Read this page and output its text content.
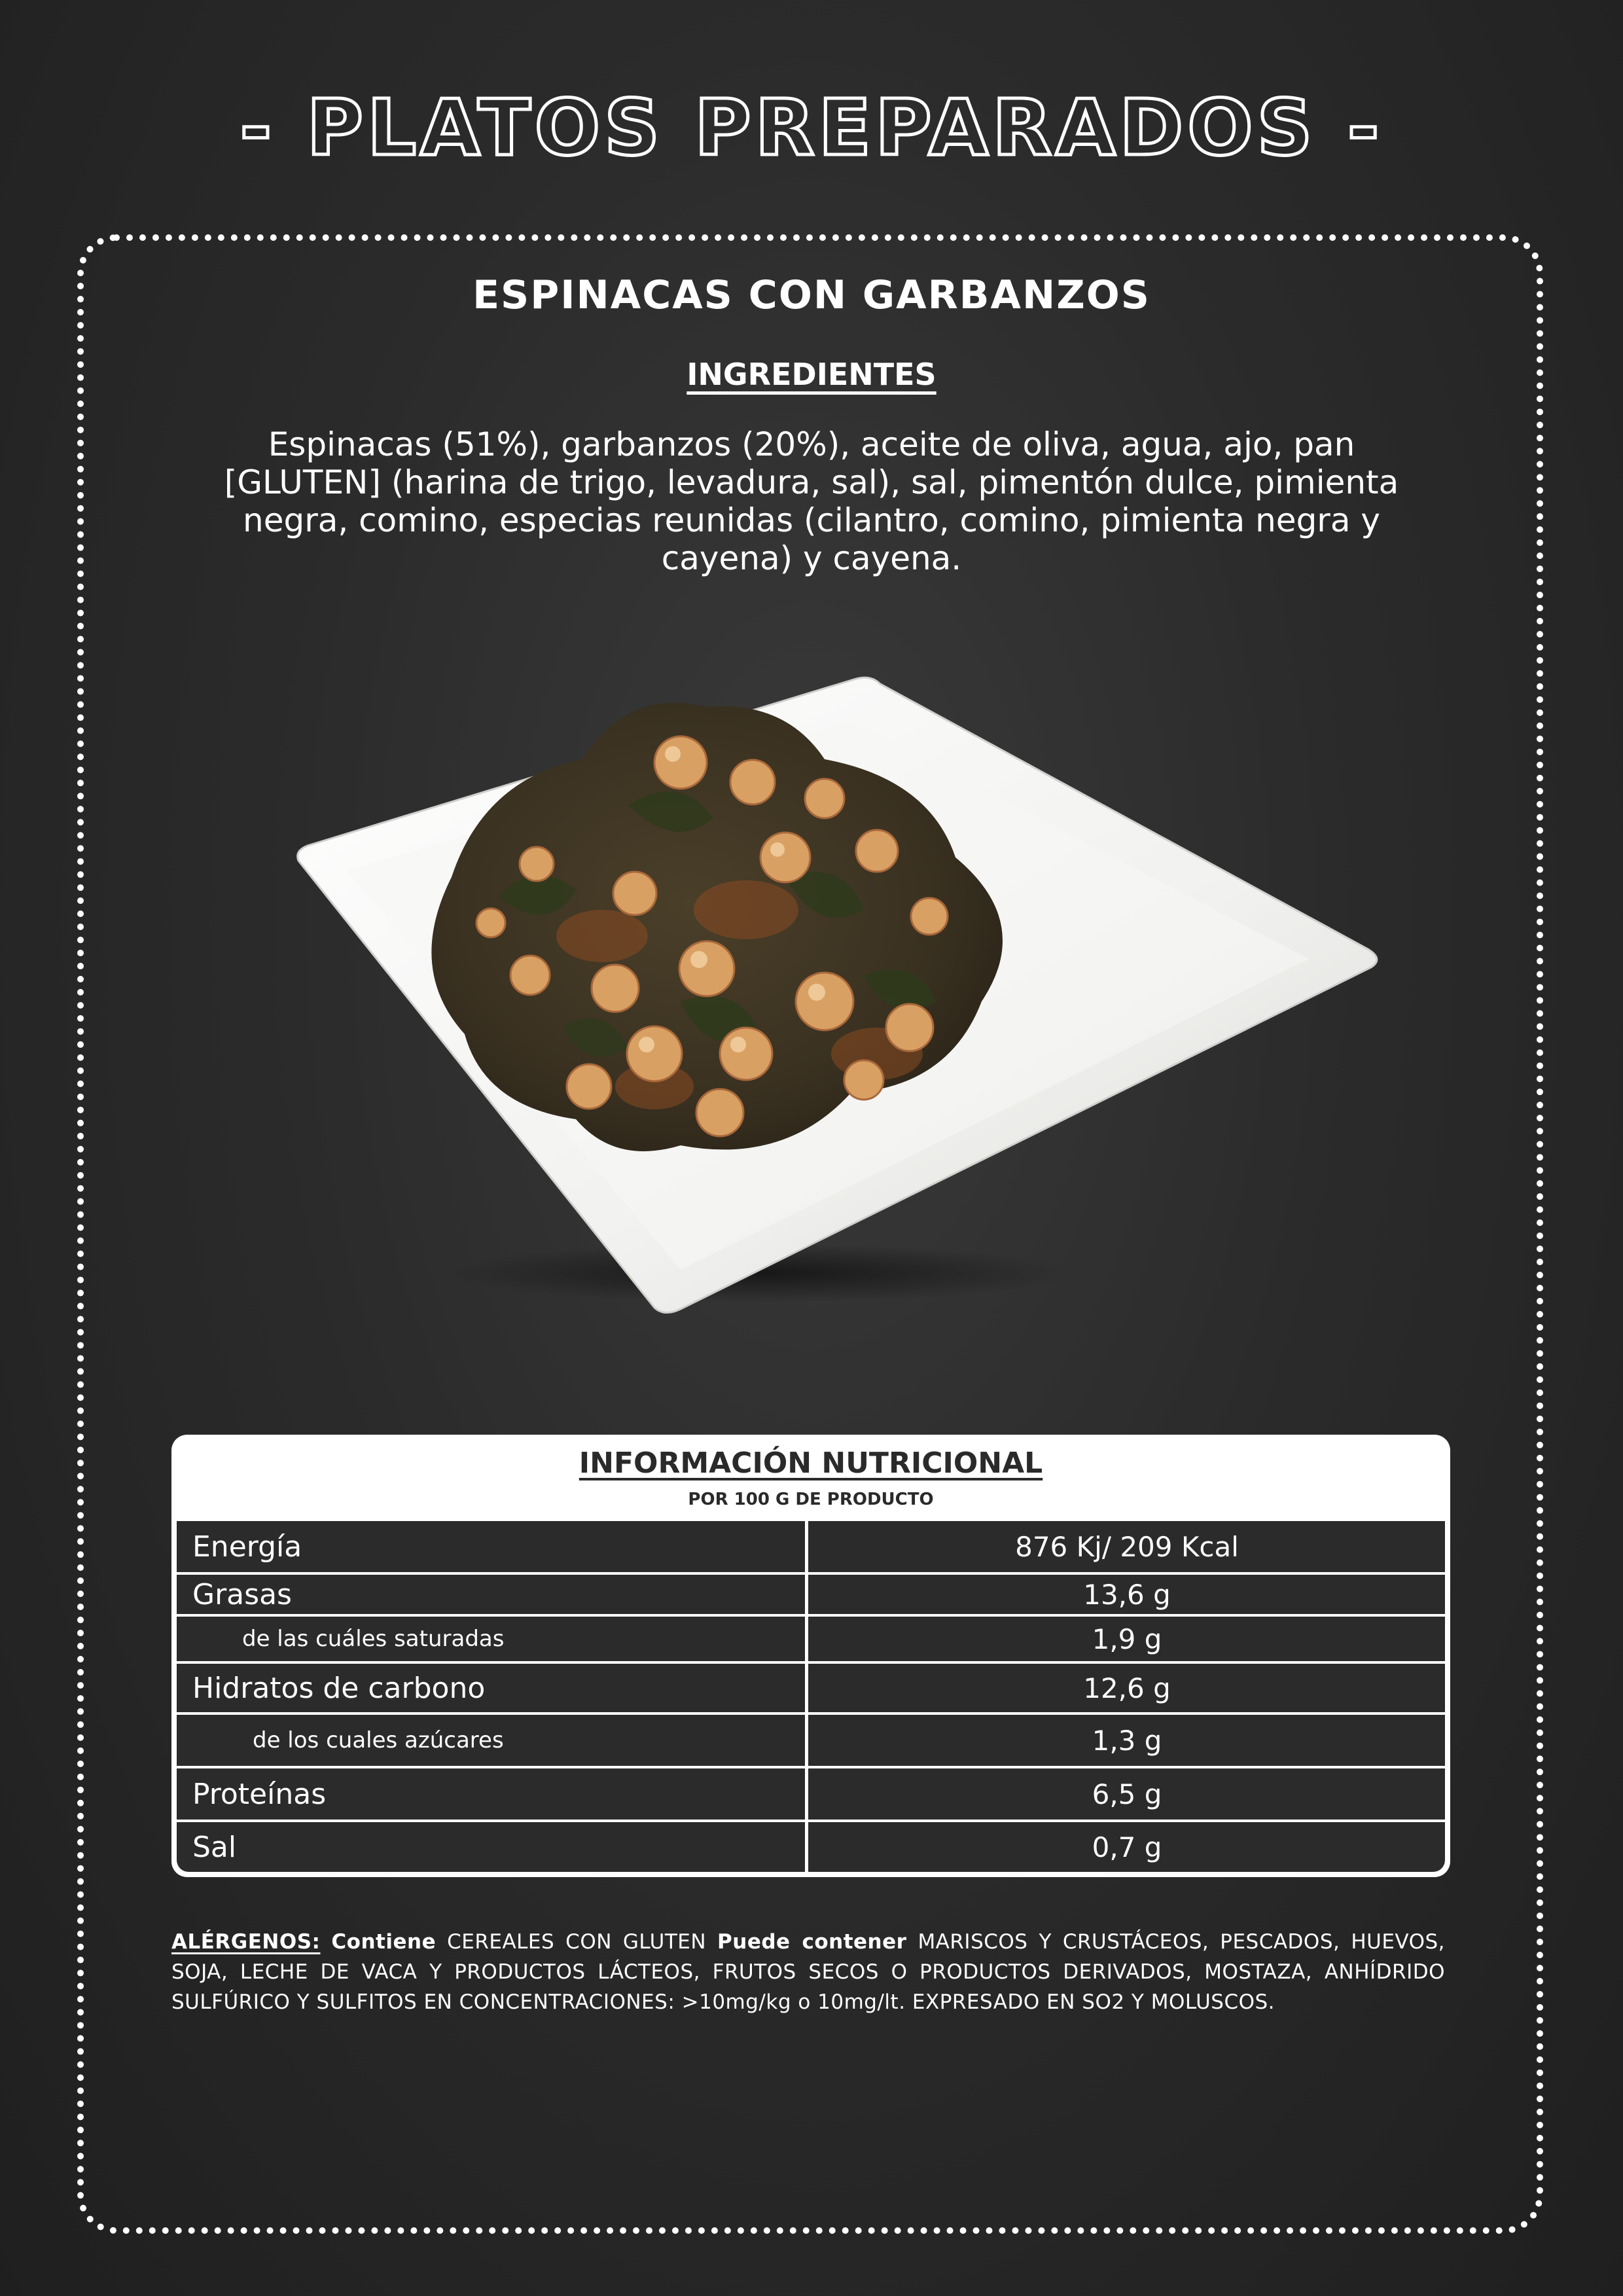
- PLATOS PREPARADOS -
ESPINACAS CON GARBANZOS
INGREDIENTES
Espinacas (51%), garbanzos (20%), aceite de oliva, agua, ajo, pan [GLUTEN] (harina de trigo, levadura, sal), sal, pimentón dulce, pimienta negra, comino, especias reunidas (cilantro, comino, pimienta negra y cayena) y cayena.
INFORMACIÓN NUTRICIONAL
POR 100 G DE PRODUCTO
Energía	876 Kj/ 209 Kcal
Grasas	13,6 g
de las cuáles saturadas	1,9 g
Hidratos de carbono	12,6 g
de los cuales azúcares	1,3 g
Proteínas	6,5 g
Sal	0,7 g
ALÉRGENOS: Contiene CEREALES CON GLUTEN Puede contener MARISCOS Y CRUSTÁCEOS, PESCADOS, HUEVOS, SOJA, LECHE DE VACA Y PRODUCTOS LÁCTEOS, FRUTOS SECOS O PRODUCTOS DERIVADOS, MOSTAZA, ANHÍDRIDO SULFÚRICO Y SULFITOS EN CONCENTRACIONES: >10mg/kg o 10mg/lt. EXPRESADO EN SO2 Y MOLUSCOS.
